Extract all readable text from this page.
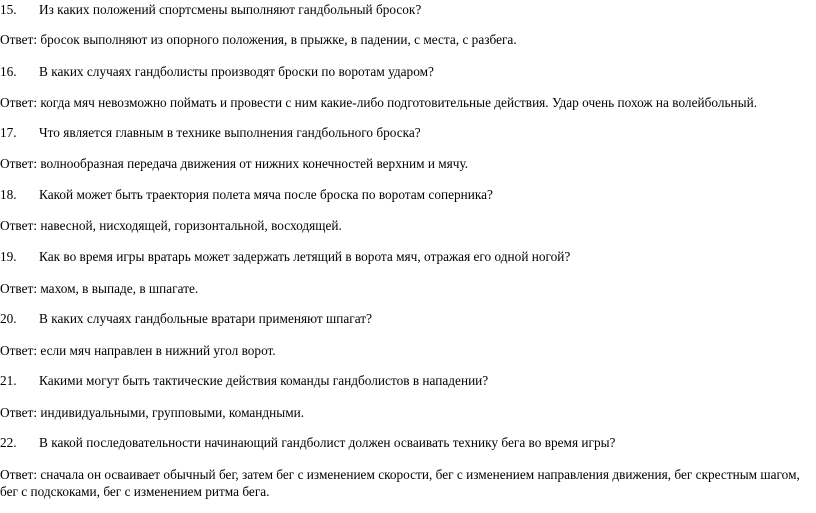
15. Из каких положений спортсмены выполняют гандбольный бросок?
Ответ: бросок выполняют из опорного положения, в прыжке, в падении, с места, с разбега.
16. В каких случаях гандболисты производят броски по воротам ударом?
Ответ: когда мяч невозможно поймать и провести с ним какие-либо подготовительные действия. Удар очень похож на волейбольный.
17. Что является главным в технике выполнения гандбольного броска?
Ответ: волнообразная передача движения от нижних конечностей верхним и мячу.
18. Какой может быть траектория полета мяча после броска по воротам соперника?
Ответ: навесной, нисходящей, горизонтальной, восходящей.
19. Как во время игры вратарь может задержать летящий в ворота мяч, отражая его одной ногой?
Ответ: махом, в выпаде, в шпагате.
20. В каких случаях гандбольные вратари применяют шпагат?
Ответ: если мяч направлен в нижний угол ворот.
21. Какими могут быть тактические действия команды гандболистов в нападении?
Ответ: индивидуальными, групповыми, командными.
22. В какой последовательности начинающий гандболист должен осваивать технику бега во время игры?
Ответ: сначала он осваивает обычный бег, затем бег с изменением скорости, бег с изменением направления движения, бег скрестным шагом, бег с подскоками, бег с изменением ритма бега.
